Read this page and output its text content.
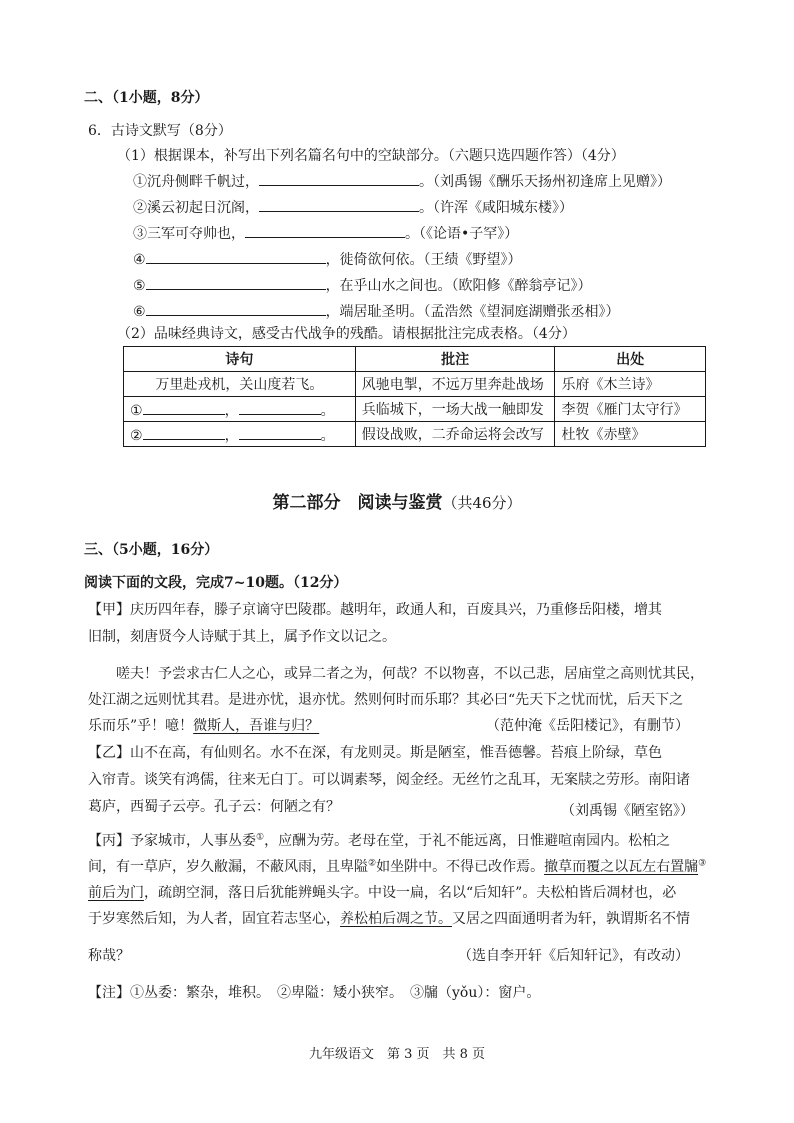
二、（1小题，8分）
6．古诗文默写（8分）
（1）根据课本，补写出下列名篇名句中的空缺部分。（六题只选四题作答）（4分）
①沉舟侧畔千帆过，	。（刘禹锡《酬乐天扬州初逢席上见赠》）
②溪云初起日沉阁，	。（许浑《咸阳城东楼》）
③三军可夺帅也，	。（《论语•子罕》）
④	，徙倚欲何依。（王绩《野望》）
⑤	，在乎山水之间也。（欧阳修《醉翁亭记》）
⑥	，端居耻圣明。（孟浩然《望洞庭湖赠张丞相》）
（2）品味经典诗文，感受古代战争的残酷。请根据批注完成表格。（4分）
诗句	批注	出处
万里赴戎机，关山度若飞。	风驰电掣，不远万里奔赴战场	乐府《木兰诗》
① ， 。	兵临城下，一场大战一触即发	李贺《雁门太守行》
② ， 。	假设战败，二乔命运将会改写	杜牧《赤壁》
第二部分　阅读与鉴赏（共46分）
三、（5小题，16分）
阅读下面的文段，完成7~10题。（12分）
【甲】庆历四年春，滕子京谪守巴陵郡。越明年，政通人和，百废具兴，乃重修岳阳楼，增其
旧制，刻唐贤今人诗赋于其上，属予作文以记之。
嗟夫！予尝求古仁人之心，或异二者之为，何哉？不以物喜，不以己悲，居庙堂之高则忧其民，
处江湖之远则忧其君。是进亦忧，退亦忧。然则何时而乐耶？其必曰“先天下之忧而忧，后天下之
乐而乐”乎！噫！微斯人，吾谁与归？	（范仲淹《岳阳楼记》，有删节）
【乙】山不在高，有仙则名。水不在深，有龙则灵。斯是陋室，惟吾德馨。苔痕上阶绿，草色
入帘青。谈笑有鸿儒，往来无白丁。可以调素琴，阅金经。无丝竹之乱耳，无案牍之劳形。南阳诸
葛庐，西蜀子云亭。孔子云：何陋之有？	（刘禹锡《陋室铭》）
【丙】予家城市，人事丛委①，应酬为劳。老母在堂，于礼不能远离，日惟避喧南园内。松柏之
间，有一草庐，岁久敝漏，不蔽风雨，且卑隘②如坐阱中。不得已改作焉。撤草而覆之以瓦左右置牖③
前后为门，疏朗空洞，落日后犹能辨蝇头字。中设一扁，名以“后知轩”。夫松柏皆后凋材也，必
于岁寒然后知，为人者，固宜若志坚心，养松柏后凋之节。又居之四面通明者为轩，孰谓斯名不情
称哉？	（选自李开轩《后知轩记》，有改动）
【注】①丛委：繁杂，堆积。　②卑隘：矮小狭窄。　③牖（yǒu）：窗户。
九年级语文　第 3 页　共 8 页
